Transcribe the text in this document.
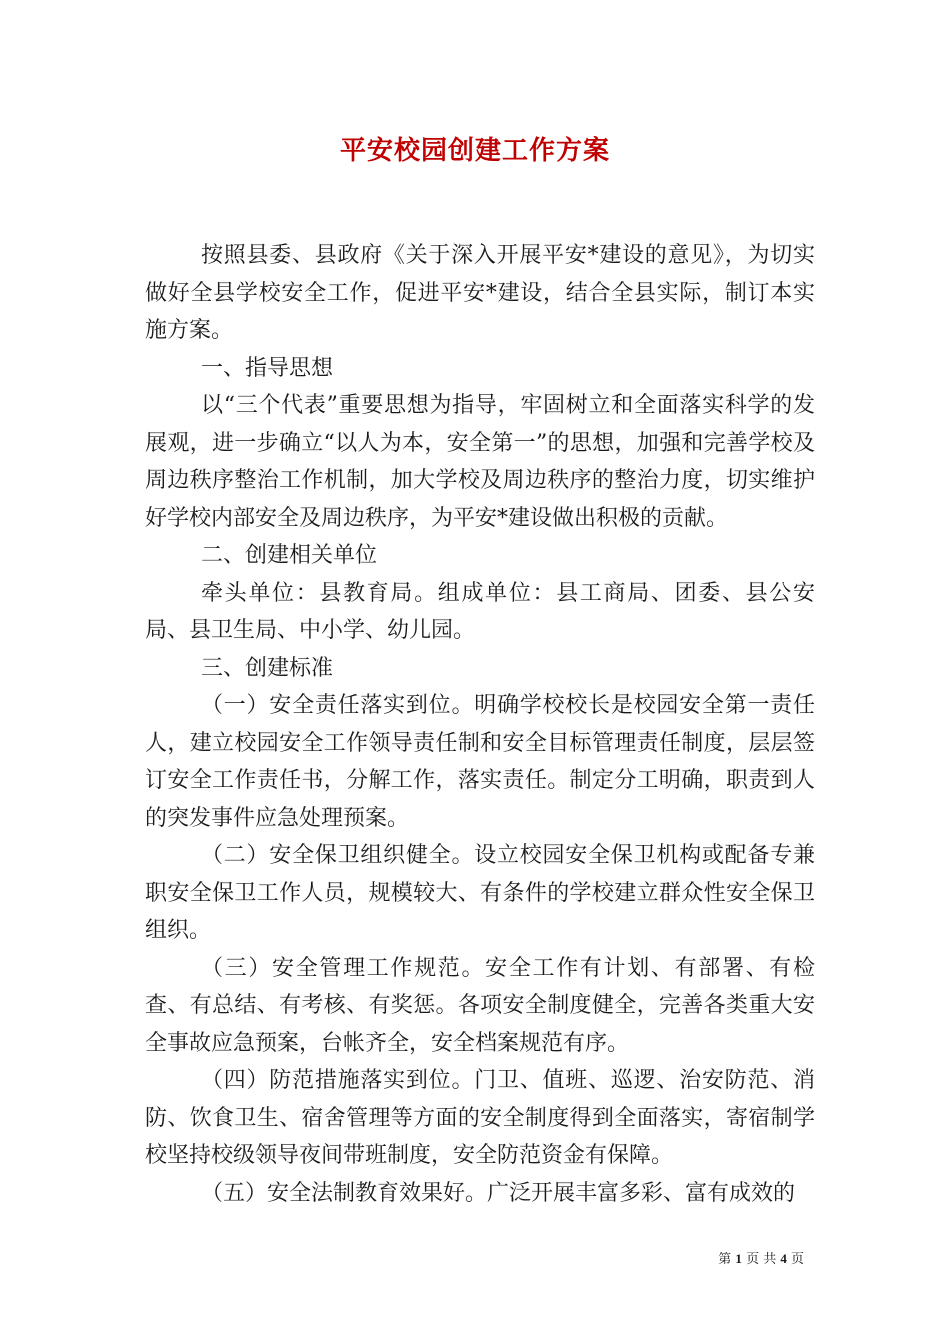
平安校园创建工作方案

按照县委、县政府《关于深入开展平安*建设的意见》，为切实做好全县学校安全工作，促进平安*建设，结合全县实际，制订本实施方案。

一、指导思想

以“三个代表”重要思想为指导，牢固树立和全面落实科学的发展观，进一步确立“以人为本，安全第一”的思想，加强和完善学校及周边秩序整治工作机制，加大学校及周边秩序的整治力度，切实维护好学校内部安全及周边秩序，为平安*建设做出积极的贡献。

二、创建相关单位

牵头单位：县教育局。组成单位：县工商局、团委、县公安局、县卫生局、中小学、幼儿园。

三、创建标准

（一）安全责任落实到位。明确学校校长是校园安全第一责任人，建立校园安全工作领导责任制和安全目标管理责任制度，层层签订安全工作责任书，分解工作，落实责任。制定分工明确，职责到人的突发事件应急处理预案。

（二）安全保卫组织健全。设立校园安全保卫机构或配备专兼职安全保卫工作人员，规模较大、有条件的学校建立群众性安全保卫组织。

（三）安全管理工作规范。安全工作有计划、有部署、有检查、有总结、有考核、有奖惩。各项安全制度健全，完善各类重大安全事故应急预案，台帐齐全，安全档案规范有序。

（四）防范措施落实到位。门卫、值班、巡逻、治安防范、消防、饮食卫生、宿舍管理等方面的安全制度得到全面落实，寄宿制学校坚持校级领导夜间带班制度，安全防范资金有保障。

（五）安全法制教育效果好。广泛开展丰富多彩、富有成效的

第 1 页 共 4 页
